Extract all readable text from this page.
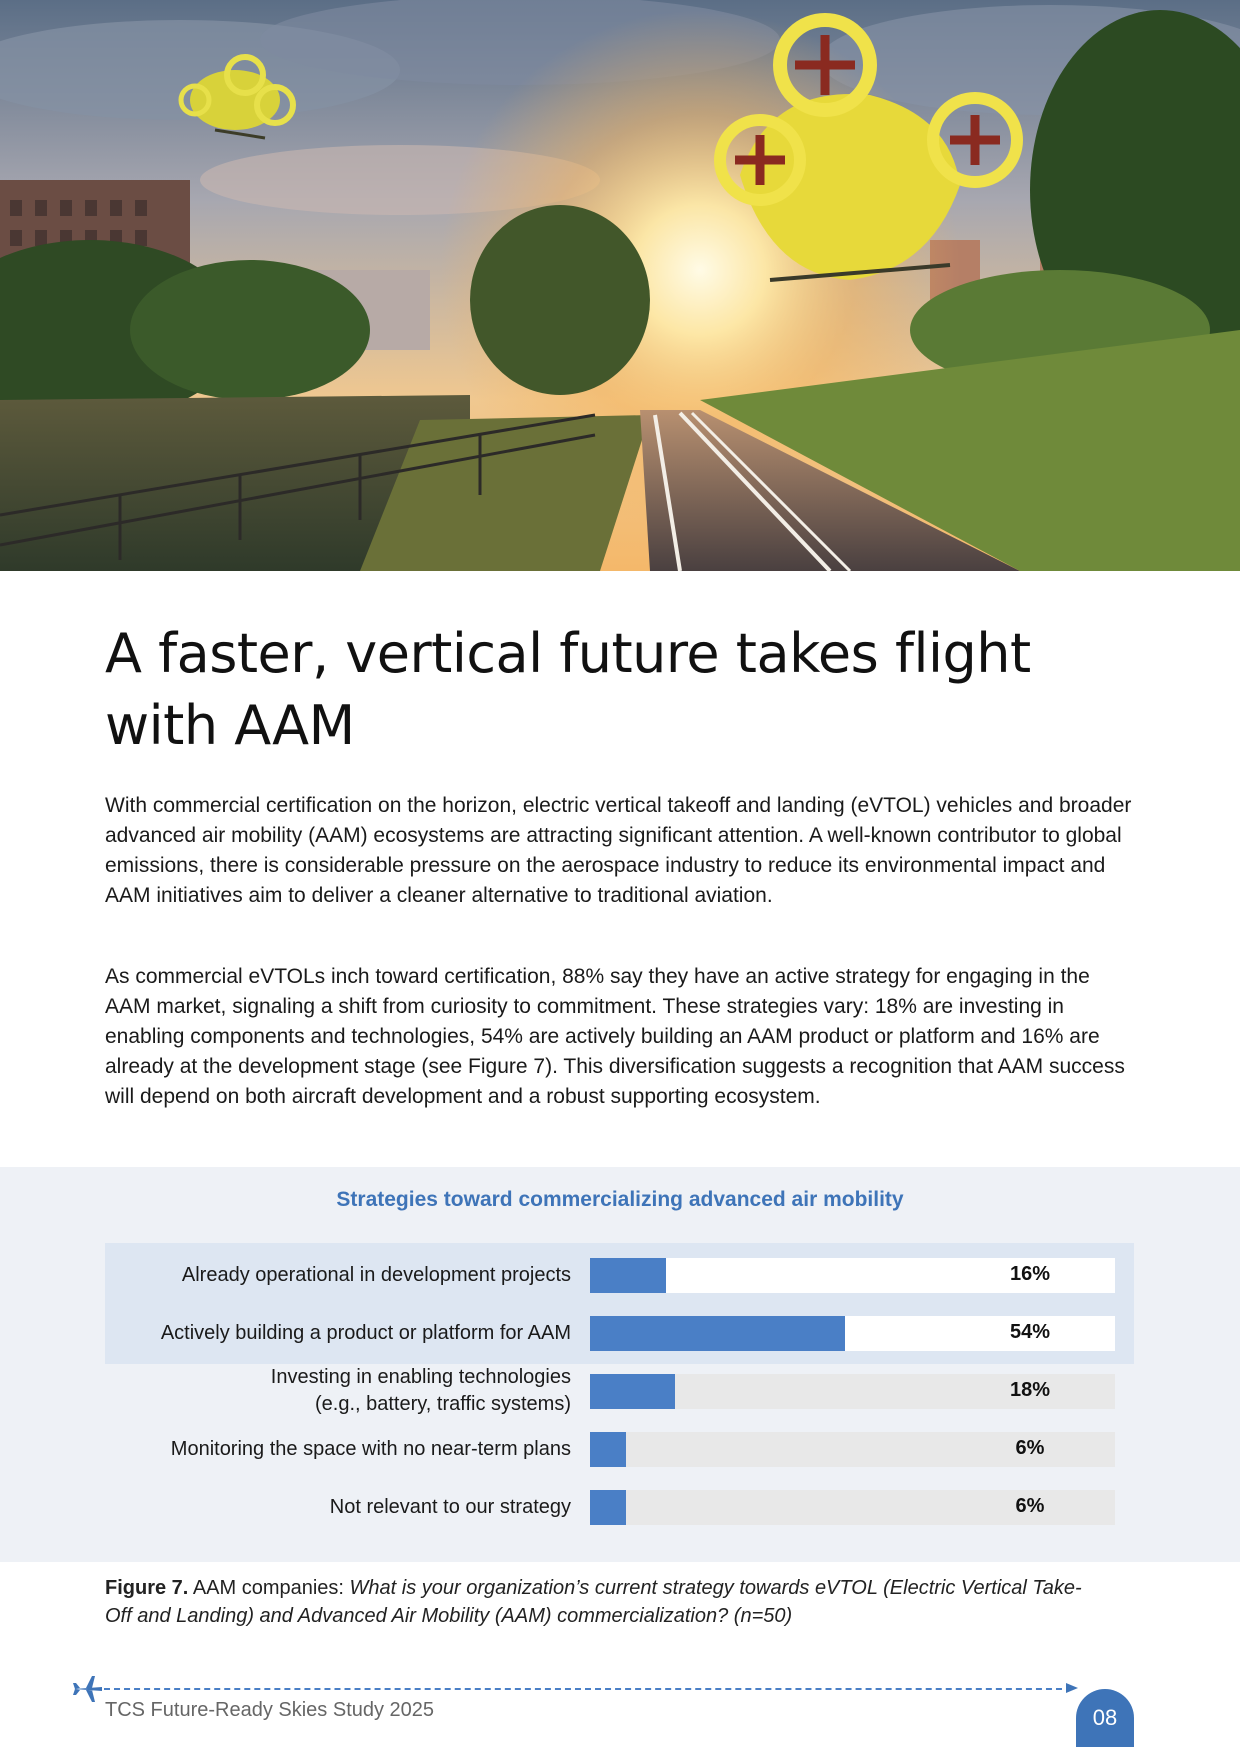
A faster, vertical future takes flight
with AAM

With commercial certification on the horizon, electric vertical takeoff and landing (eVTOL) vehicles and broader advanced air mobility (AAM) ecosystems are attracting significant attention. A well-known contributor to global emissions, there is considerable pressure on the aerospace industry to reduce its environmental impact and AAM initiatives aim to deliver a cleaner alternative to traditional aviation.

As commercial eVTOLs inch toward certification, 88% say they have an active strategy for engaging in the AAM market, signaling a shift from curiosity to commitment. These strategies vary: 18% are investing in enabling components and technologies, 54% are actively building an AAM product or platform and 16% are already at the development stage (see Figure 7). This diversification suggests a recognition that AAM success will depend on both aircraft development and a robust supporting ecosystem.

Strategies toward commercializing advanced air mobility
Already operational in development projects	16%
Actively building a product or platform for AAM	54%
Investing in enabling technologies
(e.g., battery, traffic systems)
18%
Monitoring the space with no near-term plans	6%
Not relevant to our strategy	6%

Figure 7. AAM companies: What is your organization’s current strategy towards eVTOL (Electric Vertical Take-Off and Landing) and Advanced Air Mobility (AAM) commercialization? (n=50)

TCS Future-Ready Skies Study 2025	08
